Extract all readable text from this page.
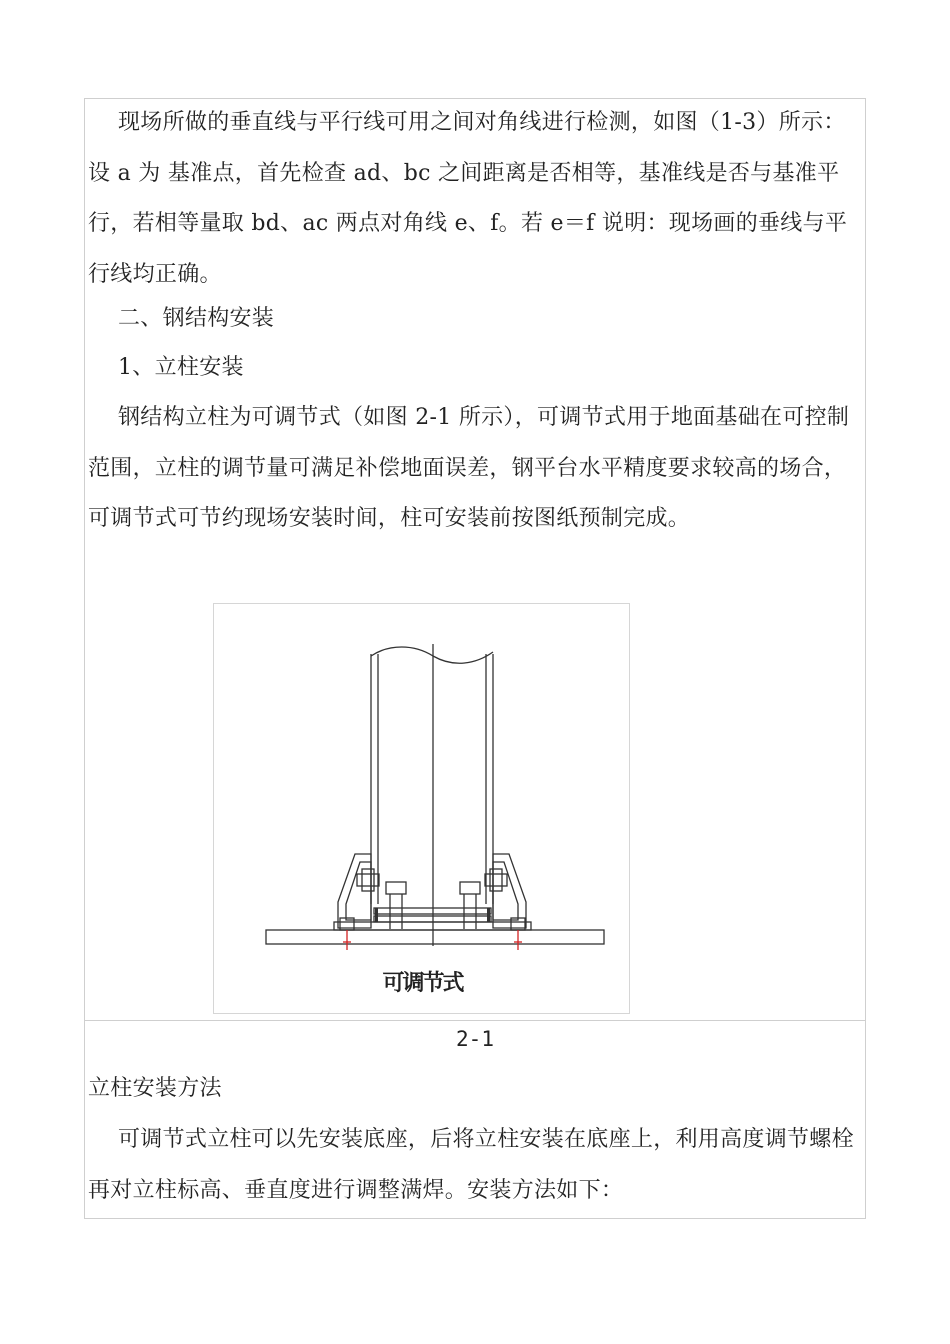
现场所做的垂直线与平行线可用之间对角线进行检测，如图（1-3）所示：设 a 为 基准点，首先检查 ad、bc 之间距离是否相等，基准线是否与基准平行，若相等量取 bd、ac 两点对角线 e、f。若 e＝f 说明：现场画的垂线与平行线均正确。

二、钢结构安装

1、立柱安装

钢结构立柱为可调节式（如图 2-1 所示），可调节式用于地面基础在可控制范围，立柱的调节量可满足补偿地面误差，钢平台水平精度要求较高的场合，可调节式可节约现场安装时间，柱可安装前按图纸预制完成。

可调节式
2-1

立柱安装方法

可调节式立柱可以先安装底座，后将立柱安装在底座上，利用高度调节螺栓再对立柱标高、垂直度进行调整满焊。安装方法如下：
